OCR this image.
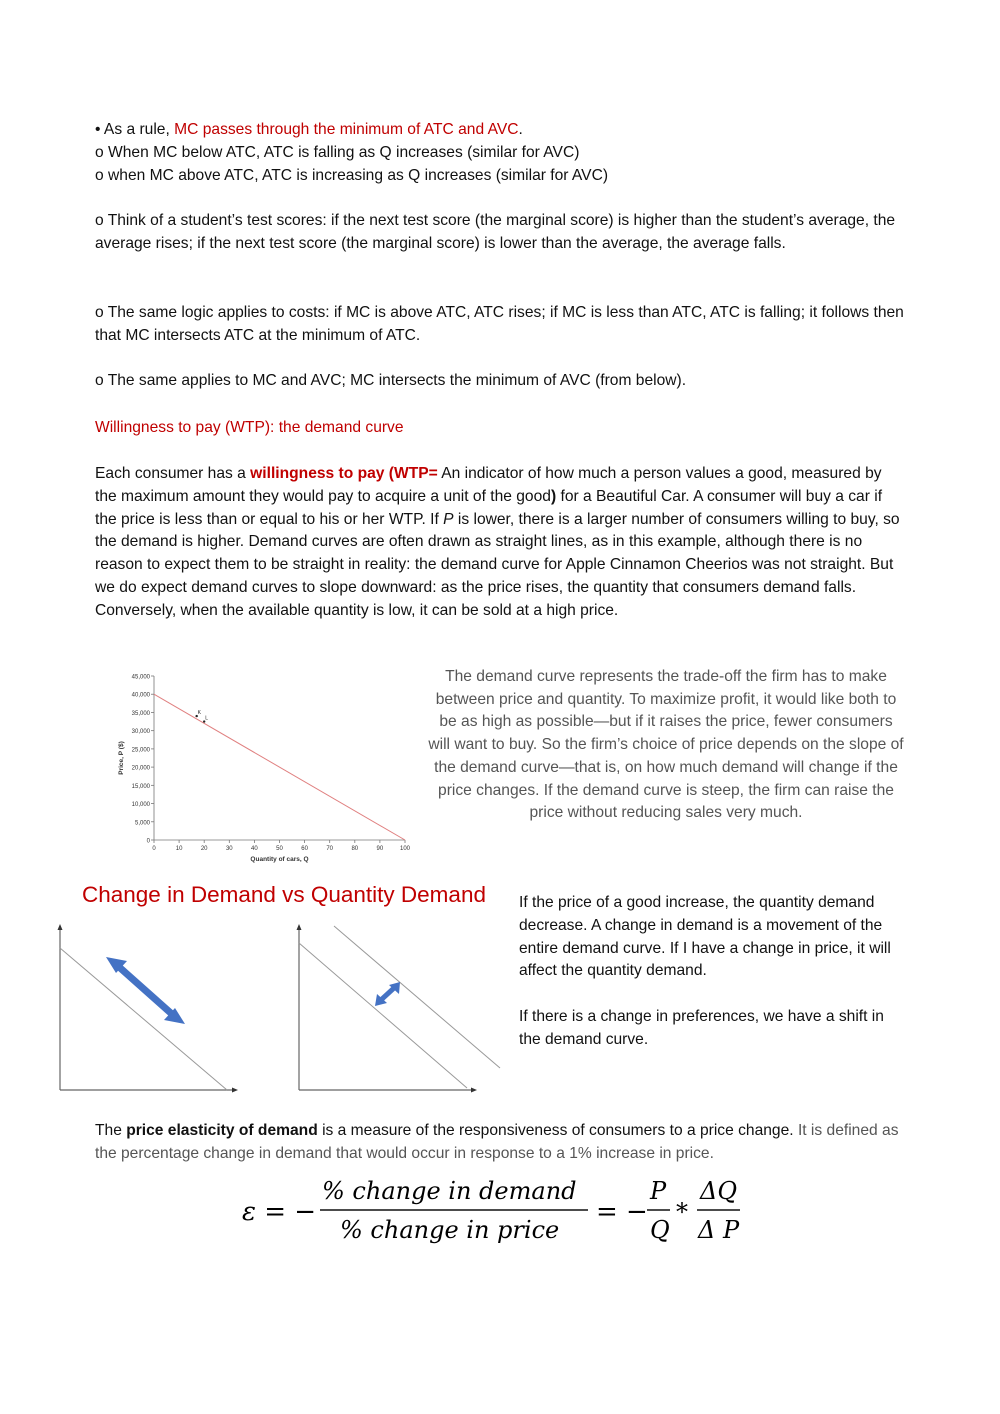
• As a rule, MC passes through the minimum of ATC and AVC.

o When MC below ATC, ATC is falling as Q increases (similar for AVC)

o when MC above ATC, ATC is increasing as Q increases (similar for AVC)

o Think of a student’s test scores: if the next test score (the marginal score) is higher than the student’s average, the average rises; if the next test score (the marginal score) is lower than the average, the average falls.

o The same logic applies to costs: if MC is above ATC, ATC rises; if MC is less than ATC, ATC is falling; it follows then that MC intersects ATC at the minimum of ATC.

o The same applies to MC and AVC; MC intersects the minimum of AVC (from below).

Willingness to pay (WTP): the demand curve

Each consumer has a willingness to pay (WTP= An indicator of how much a person values a good, measured by the maximum amount they would pay to acquire a unit of the good) for a Beautiful Car. A consumer will buy a car if the price is less than or equal to his or her WTP. If P is lower, there is a larger number of consumers willing to buy, so the demand is higher. Demand curves are often drawn as straight lines, as in this example, although there is no reason to expect them to be straight in reality: the demand curve for Apple Cinnamon Cheerios was not straight. But we do expect demand curves to slope downward: as the price rises, the quantity that consumers demand falls. Conversely, when the available quantity is low, it can be sold at a high price.

0
5,000
10,000
15,000
20,000
25,000
30,000
35,000
40,000
45,000
0	10	20	30	40	50	60	70	80	90	100
K
L
Quantity of cars, Q
Price, P ($)
The demand curve represents the trade-off the firm has to make between price and quantity. To maximize profit, it would like both to be as high as possible—but if it raises the price, fewer consumers will want to buy. So the firm’s choice of price depends on the slope of the demand curve—that is, on how much demand will change if the price changes. If the demand curve is steep, the firm can raise the price without reducing sales very much.
Change in Demand vs Quantity Demand If the price of a good increase, the quantity demand decrease. A change in demand is a movement of the entire demand curve. If I have a change in price, it will affect the quantity demand.

If there is a change in preferences, we have a shift in the demand curve.

The price elasticity of demand is a measure of the responsiveness of consumers to a price change. It is defined as the percentage change in demand that would occur in response to a 1% increase in price.

ε = −
% change in demand
% change in price
= −
P
Q
*
ΔQ
Δ P
